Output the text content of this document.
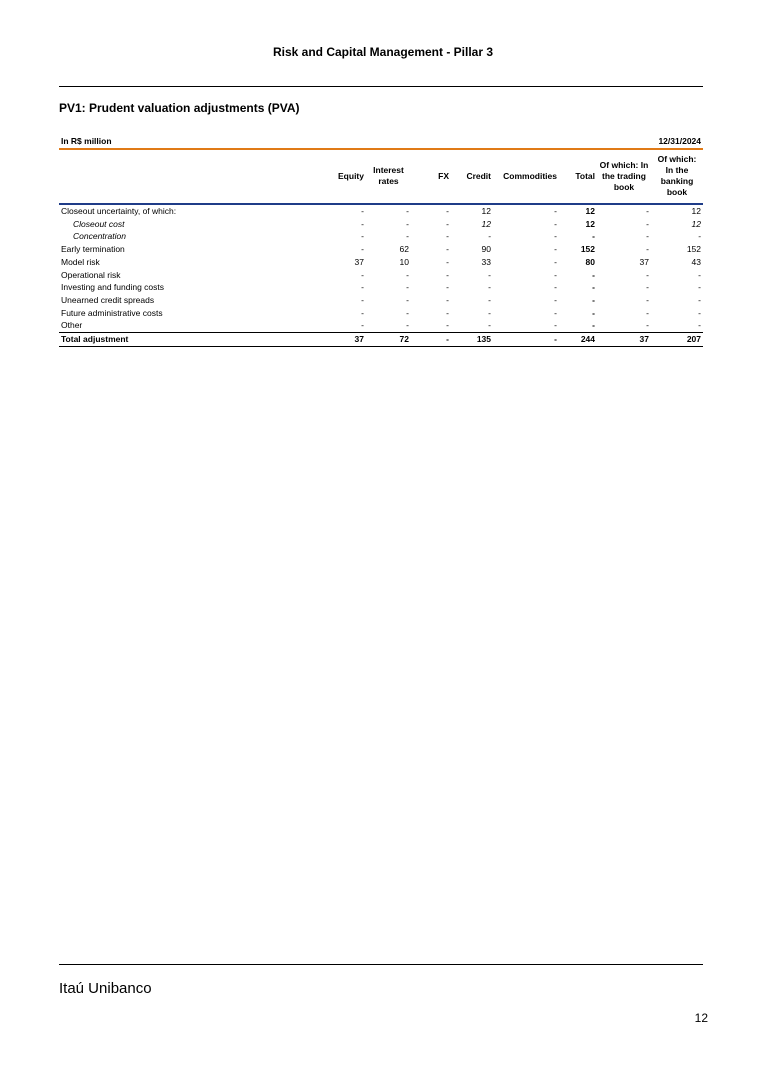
Risk and Capital Management - Pillar 3
PV1: Prudent valuation adjustments (PVA)
In R$ million	12/31/2024
	Equity	Interest rates	FX	Credit	Commodities	Total	Of which: In the trading book	Of which: In the banking book

Closeout uncertainty, of which:	-	-	-	12	-	12	-	12
Closeout cost	-	-	-	12	-	12	-	12
Concentration	-	-	-	-	-	-	-	-
Early termination	-	62	-	90	-	152	-	152
Model risk	37	10	-	33	-	80	37	43
Operational risk	-	-	-	-	-	-	-	-
Investing and funding costs	-	-	-	-	-	-	-	-
Unearned credit spreads	-	-	-	-	-	-	-	-
Future administrative costs	-	-	-	-	-	-	-	-
Other	-	-	-	-	-	-	-	-
Total adjustment	37	72	-	135	-	244	37	207
Itaú Unibanco
12
